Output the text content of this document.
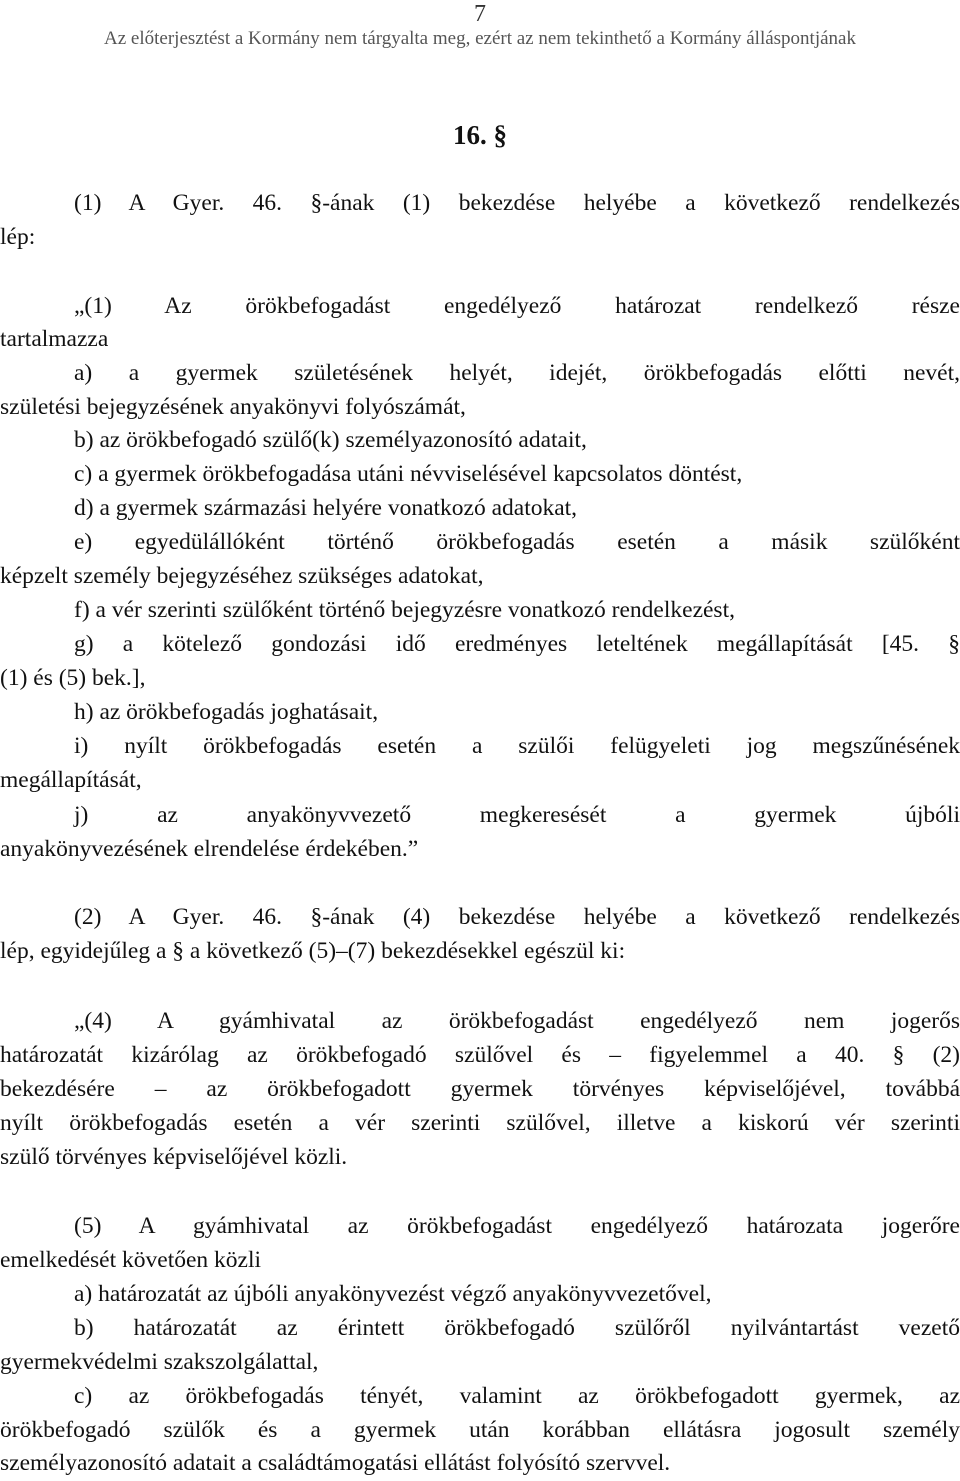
7
Az előterjesztést a Kormány nem tárgyalta meg, ezért az nem tekinthető a Kormány álláspontjának
16. §
(1) A Gyer. 46. §-ának (1) bekezdése helyébe a következő rendelkezés
lép:
„(1) Az örökbefogadást engedélyező határozat rendelkező része
tartalmazza
a) a gyermek születésének helyét, idejét, örökbefogadás előtti nevét,
születési bejegyzésének anyakönyvi folyószámát,
b) az örökbefogadó szülő(k) személyazonosító adatait,
c) a gyermek örökbefogadása utáni névviselésével kapcsolatos döntést,
d) a gyermek származási helyére vonatkozó adatokat,
e) egyedülállóként történő örökbefogadás esetén a másik szülőként
képzelt személy bejegyzéséhez szükséges adatokat,
f) a vér szerinti szülőként történő bejegyzésre vonatkozó rendelkezést,
g) a kötelező gondozási idő eredményes leteltének megállapítását [45. §
(1) és (5) bek.],
h) az örökbefogadás joghatásait,
i) nyílt örökbefogadás esetén a szülői felügyeleti jog megszűnésének
megállapítását,
j) az anyakönyvvezető megkeresését a gyermek újbóli
anyakönyvezésének elrendelése érdekében.”
(2) A Gyer. 46. §-ának (4) bekezdése helyébe a következő rendelkezés
lép, egyidejűleg a § a következő (5)–(7) bekezdésekkel egészül ki:
„(4) A gyámhivatal az örökbefogadást engedélyező nem jogerős
határozatát kizárólag az örökbefogadó szülővel és – figyelemmel a 40. § (2)
bekezdésére – az örökbefogadott gyermek törvényes képviselőjével, továbbá
nyílt örökbefogadás esetén a vér szerinti szülővel, illetve a kiskorú vér szerinti
szülő törvényes képviselőjével közli.
(5) A gyámhivatal az örökbefogadást engedélyező határozata jogerőre
emelkedését követően közli
a) határozatát az újbóli anyakönyvezést végző anyakönyvvezetővel,
b) határozatát az érintett örökbefogadó szülőről nyilvántartást vezető
gyermekvédelmi szakszolgálattal,
c) az örökbefogadás tényét, valamint az örökbefogadott gyermek, az
örökbefogadó szülők és a gyermek után korábban ellátásra jogosult személy
személyazonosító adatait a családtámogatási ellátást folyósító szervvel.
